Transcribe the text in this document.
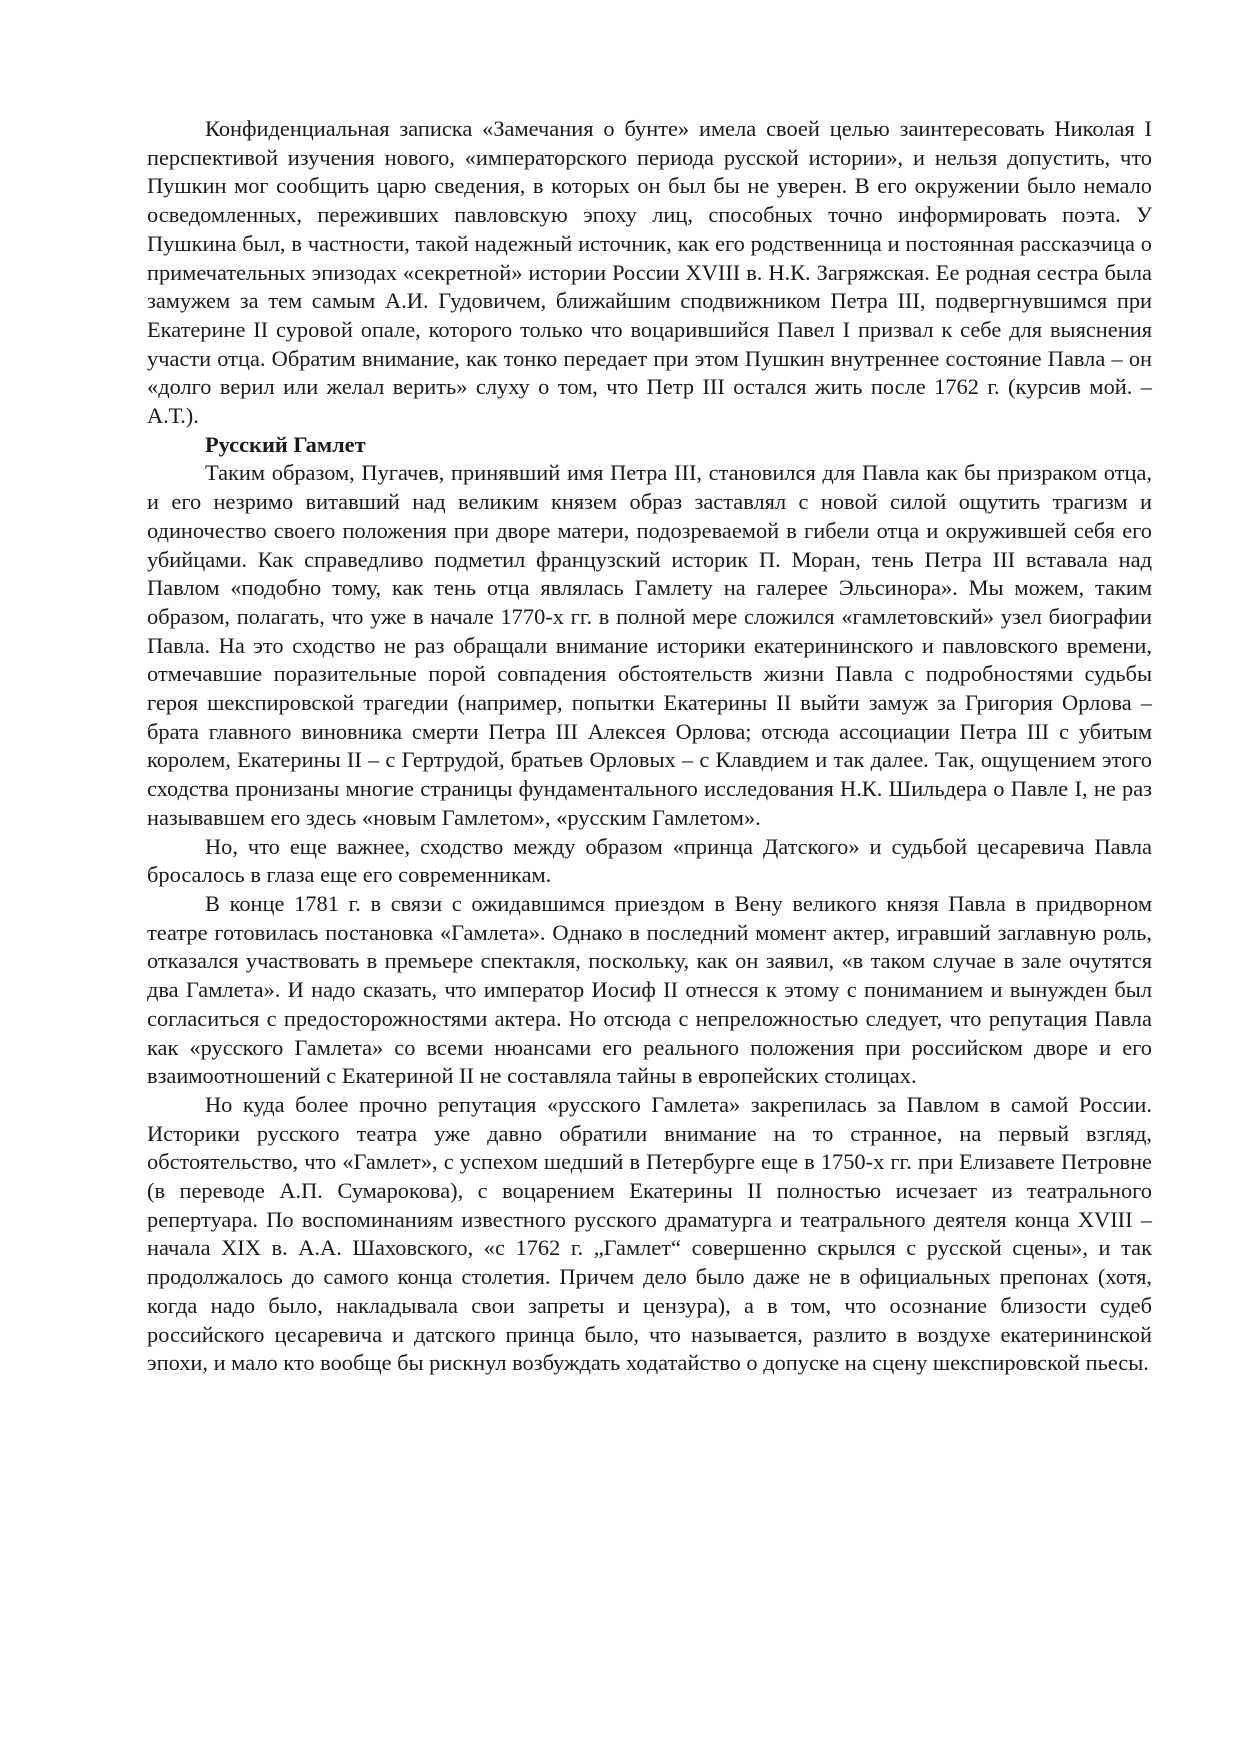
Конфиденциальная записка «Замечания о бунте» имела своей целью заинтересовать Николая I перспективой изучения нового, «императорского периода русской истории», и нельзя допустить, что Пушкин мог сообщить царю сведения, в которых он был бы не уверен. В его окружении было немало осведомленных, переживших павловскую эпоху лиц, способных точно информировать поэта. У Пушкина был, в частности, такой надежный источник, как его родственница и постоянная рассказчица о примечательных эпизодах «секретной» истории России XVIII в. Н.К. Загряжская. Ее родная сестра была замужем за тем самым А.И. Гудовичем, ближайшим сподвижником Петра III, подвергнувшимся при Екатерине II суровой опале, которого только что воцарившийся Павел I призвал к себе для выяснения участи отца. Обратим внимание, как тонко передает при этом Пушкин внутреннее состояние Павла – он «долго верил или желал верить» слуху о том, что Петр III остался жить после 1762 г. (курсив мой. – А.Т.).

Русский Гамлет

Таким образом, Пугачев, принявший имя Петра III, становился для Павла как бы призраком отца, и его незримо витавший над великим князем образ заставлял с новой силой ощутить трагизм и одиночество своего положения при дворе матери, подозреваемой в гибели отца и окружившей себя его убийцами. Как справедливо подметил французский историк П. Моран, тень Петра III вставала над Павлом «подобно тому, как тень отца являлась Гамлету на галерее Эльсинора». Мы можем, таким образом, полагать, что уже в начале 1770-х гг. в полной мере сложился «гамлетовский» узел биографии Павла. На это сходство не раз обращали внимание историки екатерининского и павловского времени, отмечавшие поразительные порой совпадения обстоятельств жизни Павла с подробностями судьбы героя шекспировской трагедии (например, попытки Екатерины II выйти замуж за Григория Орлова – брата главного виновника смерти Петра III Алексея Орлова; отсюда ассоциации Петра III с убитым королем, Екатерины II – с Гертрудой, братьев Орловых – с Клавдием и так далее. Так, ощущением этого сходства пронизаны многие страницы фундаментального исследования Н.К. Шильдера о Павле I, не раз называвшем его здесь «новым Гамлетом», «русским Гамлетом».

Но, что еще важнее, сходство между образом «принца Датского» и судьбой цесаревича Павла бросалось в глаза еще его современникам.

В конце 1781 г. в связи с ожидавшимся приездом в Вену великого князя Павла в придворном театре готовилась постановка «Гамлета». Однако в последний момент актер, игравший заглавную роль, отказался участвовать в премьере спектакля, поскольку, как он заявил, «в таком случае в зале очутятся два Гамлета». И надо сказать, что император Иосиф II отнесся к этому с пониманием и вынужден был согласиться с предосторожностями актера. Но отсюда с непреложностью следует, что репутация Павла как «русского Гамлета» со всеми нюансами его реального положения при российском дворе и его взаимоотношений с Екатериной II не составляла тайны в европейских столицах.

Но куда более прочно репутация «русского Гамлета» закрепилась за Павлом в самой России. Историки русского театра уже давно обратили внимание на то странное, на первый взгляд, обстоятельство, что «Гамлет», с успехом шедший в Петербурге еще в 1750-х гг. при Елизавете Петровне (в переводе А.П. Сумарокова), с воцарением Екатерины II полностью исчезает из театрального репертуара. По воспоминаниям известного русского драматурга и театрального деятеля конца XVIII – начала XIX в. А.А. Шаховского, «с 1762 г. „Гамлет“ совершенно скрылся с русской сцены», и так продолжалось до самого конца столетия. Причем дело было даже не в официальных препонах (хотя, когда надо было, накладывала свои запреты и цензура), а в том, что осознание близости судеб российского цесаревича и датского принца было, что называется, разлито в воздухе екатерининской эпохи, и мало кто вообще бы рискнул возбуждать ходатайство о допуске на сцену шекспировской пьесы.
